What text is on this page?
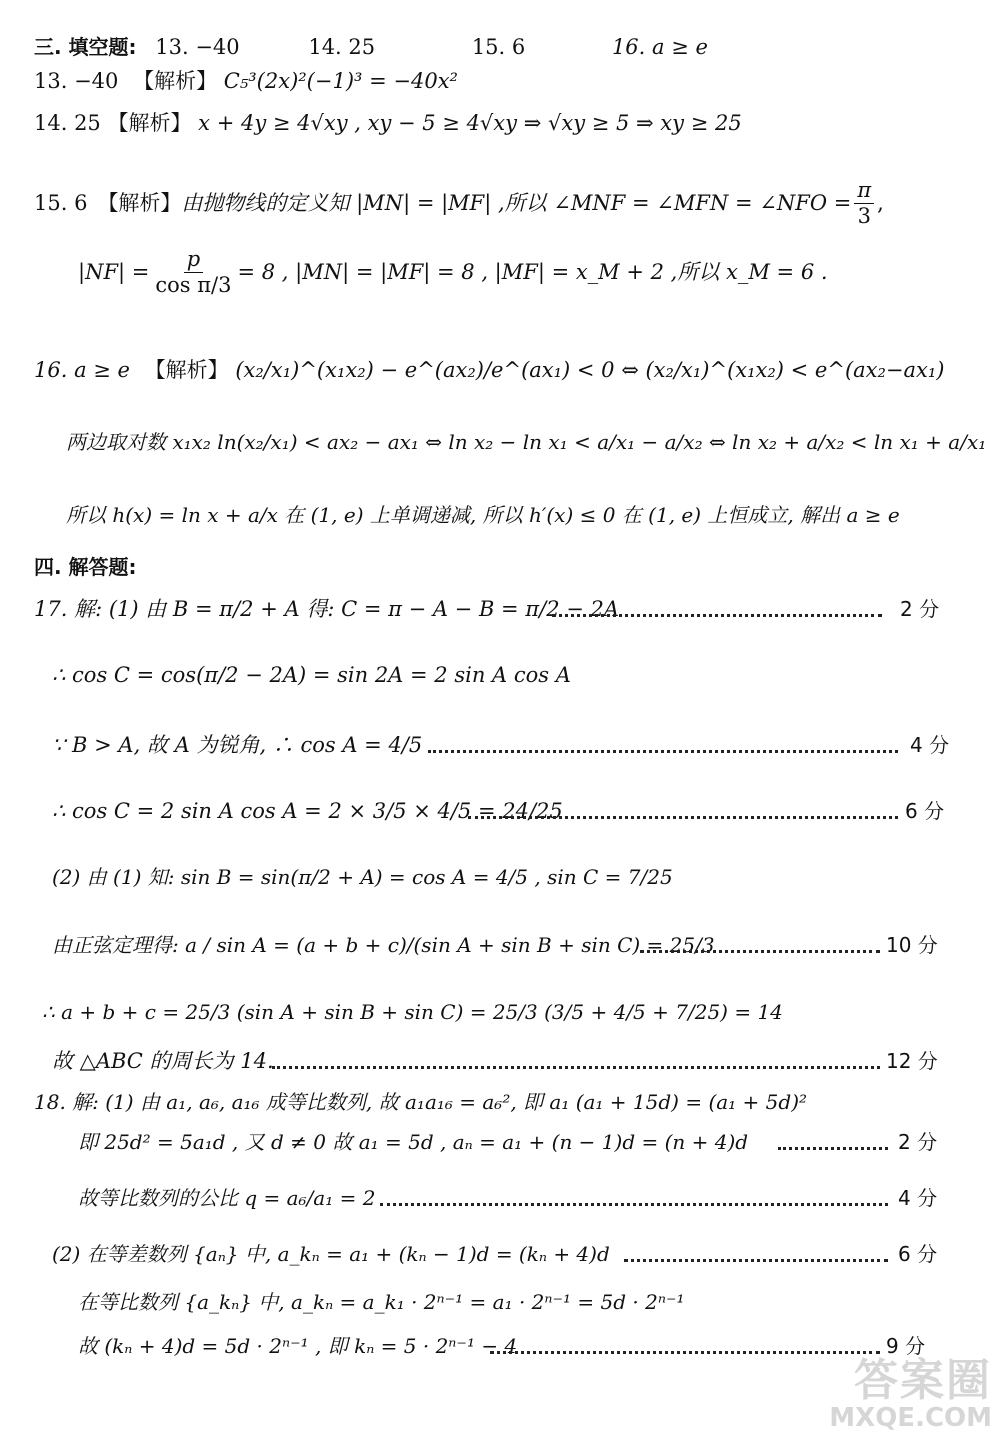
三. 填空题: 13. −40	14. 25	15. 6	16. a ≥ e
13. −40 【解析】 C₅³(2x)²(−1)³ = −40x²
14. 25 【解析】 x + 4y ≥ 4√xy , xy − 5 ≥ 4√xy ⇒ √xy ≥ 5 ⇒ xy ≥ 25
15. 6 【解析】 由抛物线的定义知 |MN| = |MF| ,所以 ∠MNF = ∠MFN = ∠NFO = $\frac{\pi}{3}$ ,
$|NF| = \frac{p}{\text{cos π/3}} = 8$ , |MN| = |MF| = 8 , |MF| = x_M + 2 ,所以 x_M = 6 .
16. a ≥ e 【解析】 (x₂/x₁)^(x₁x₂) − e^(ax₂)/e^(ax₁) < 0 ⇔ (x₂/x₁)^(x₁x₂) < e^(ax₂−ax₁)
两边取对数 x₁x₂ ln(x₂/x₁) < ax₂ − ax₁ ⇔ ln x₂ − ln x₁ < a/x₁ − a/x₂ ⇔ ln x₂ + a/x₂ < ln x₁ + a/x₁
所以 h(x) = ln x + a/x 在 (1, e) 上单调递减, 所以 h′(x) ≤ 0 在 (1, e) 上恒成立, 解出 a ≥ e
四. 解答题:
17. 解: (1) 由 B = π/2 + A 得: C = π − A − B = π/2 − 2A	2 分
∴ cos C = cos(π/2 − 2A) = sin 2A = 2 sin A cos A
∵ B > A, 故 A 为锐角, ∴ cos A = 4/5	4 分
∴ cos C = 2 sin A cos A = 2 × 3/5 × 4/5 = 24/25	6 分
(2) 由 (1) 知: sin B = sin(π/2 + A) = cos A = 4/5 , sin C = 7/25
由正弦定理得: a / sin A = (a + b + c)/(sin A + sin B + sin C) = 25/3	10 分
∴ a + b + c = 25/3 (sin A + sin B + sin C) = 25/3 (3/5 + 4/5 + 7/25) = 14
故 △ABC 的周长为 14.	12 分
18. 解: (1) 由 a₁, a₆, a₁₆ 成等比数列, 故 a₁a₁₆ = a₆², 即 a₁ (a₁ + 15d) = (a₁ + 5d)²
即 25d² = 5a₁d , 又 d ≠ 0 故 a₁ = 5d , aₙ = a₁ + (n − 1)d = (n + 4)d	2 分
故等比数列的公比 q = a₆/a₁ = 2	4 分
(2) 在等差数列 {aₙ} 中, a_kₙ = a₁ + (kₙ − 1)d = (kₙ + 4)d	6 分
在等比数列 {a_kₙ} 中, a_kₙ = a_k₁ · 2ⁿ⁻¹ = a₁ · 2ⁿ⁻¹ = 5d · 2ⁿ⁻¹
故 (kₙ + 4)d = 5d · 2ⁿ⁻¹ , 即 kₙ = 5 · 2ⁿ⁻¹ − 4	9 分
答案圈
MXQE.COM
